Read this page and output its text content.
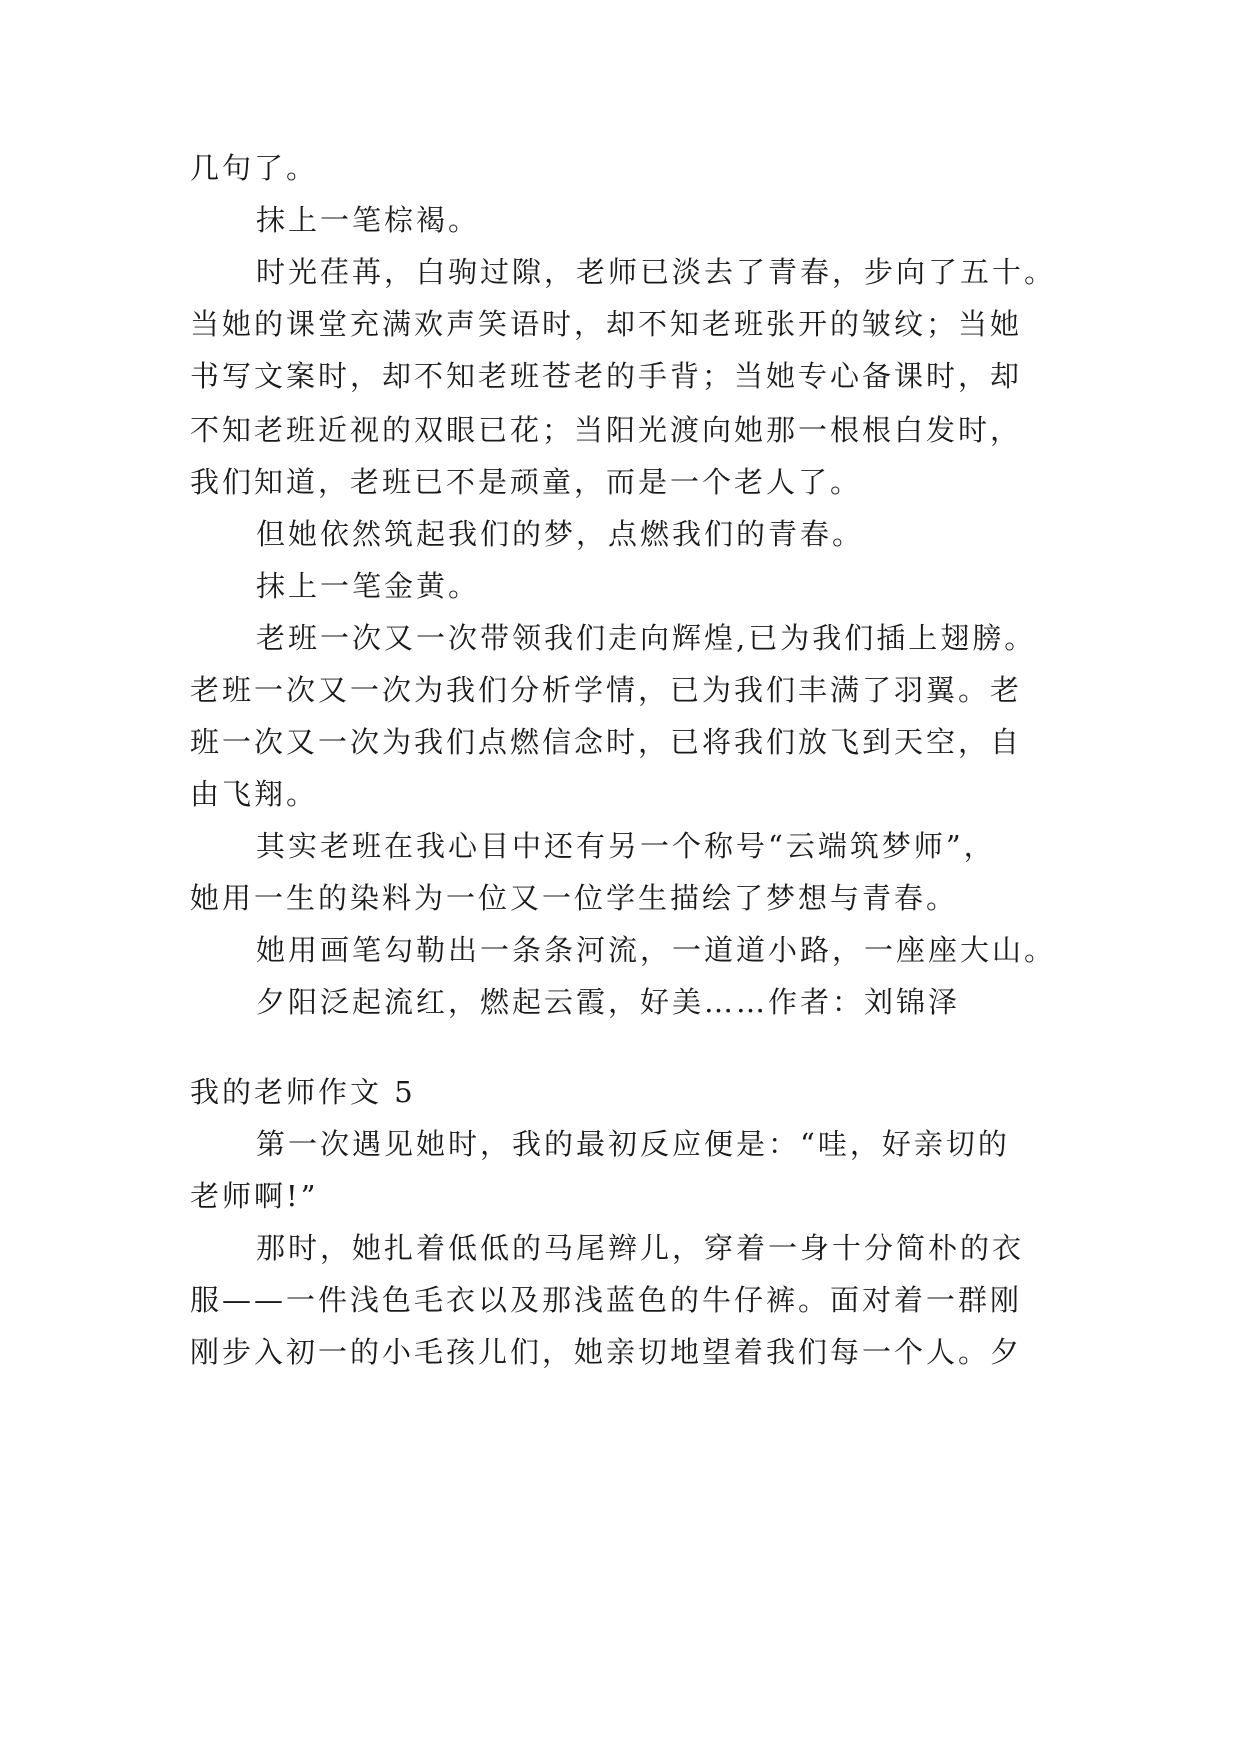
几句了。

抹上一笔棕褐。

时光荏苒，白驹过隙，老师已淡去了青春，步向了五十。

当她的课堂充满欢声笑语时，却不知老班张开的皱纹；当她

书写文案时，却不知老班苍老的手背；当她专心备课时，却

不知老班近视的双眼已花；当阳光渡向她那一根根白发时，

我们知道，老班已不是顽童，而是一个老人了。

但她依然筑起我们的梦，点燃我们的青春。

抹上一笔金黄。

老班一次又一次带领我们走向辉煌,已为我们插上翅膀。

老班一次又一次为我们分析学情，已为我们丰满了羽翼。老

班一次又一次为我们点燃信念时，已将我们放飞到天空，自

由飞翔。

其实老班在我心目中还有另一个称号“云端筑梦师”，

她用一生的染料为一位又一位学生描绘了梦想与青春。

她用画笔勾勒出一条条河流，一道道小路，一座座大山。

夕阳泛起流红，燃起云霞，好美……作者：刘锦泽

我的老师作文 5

第一次遇见她时，我的最初反应便是：“哇，好亲切的

老师啊!”

那时，她扎着低低的马尾辫儿，穿着一身十分简朴的衣

服——一件浅色毛衣以及那浅蓝色的牛仔裤。面对着一群刚

刚步入初一的小毛孩儿们，她亲切地望着我们每一个人。夕
